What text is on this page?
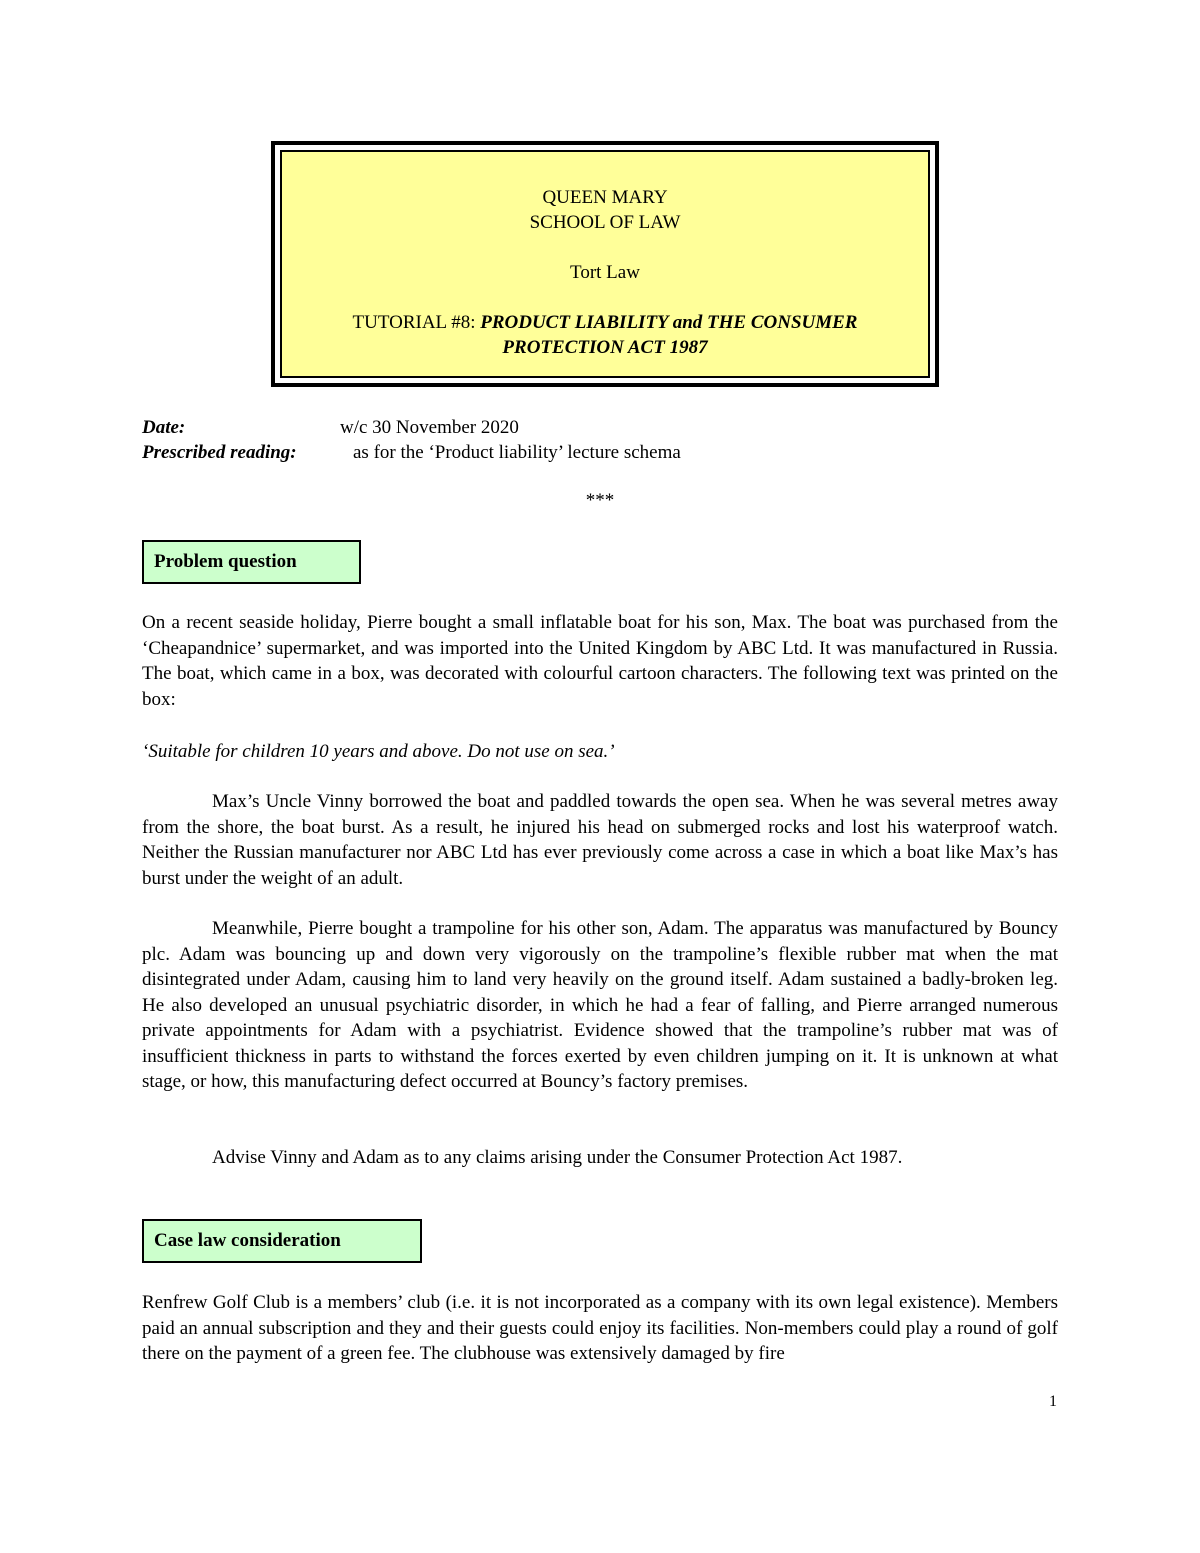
QUEEN MARY
SCHOOL OF LAW
Tort Law
TUTORIAL #8: PRODUCT LIABILITY and THE CONSUMER
PROTECTION ACT 1987
Date:	w/c 30 November 2020
Prescribed reading:	as for the ‘Product liability’ lecture schema
***
Problem question
On a recent seaside holiday, Pierre bought a small inflatable boat for his son, Max. The boat was purchased from the ‘Cheapandnice’ supermarket, and was imported into the United Kingdom by ABC Ltd. It was manufactured in Russia. The boat, which came in a box, was decorated with colourful cartoon characters. The following text was printed on the box:
‘Suitable for children 10 years and above. Do not use on sea.’
Max’s Uncle Vinny borrowed the boat and paddled towards the open sea. When he was several metres away from the shore, the boat burst. As a result, he injured his head on submerged rocks and lost his waterproof watch. Neither the Russian manufacturer nor ABC Ltd has ever previously come across a case in which a boat like Max’s has burst under the weight of an adult.
Meanwhile, Pierre bought a trampoline for his other son, Adam. The apparatus was manufactured by Bouncy plc. Adam was bouncing up and down very vigorously on the trampoline’s flexible rubber mat when the mat disintegrated under Adam, causing him to land very heavily on the ground itself. Adam sustained a badly-broken leg. He also developed an unusual psychiatric disorder, in which he had a fear of falling, and Pierre arranged numerous private appointments for Adam with a psychiatrist. Evidence showed that the trampoline’s rubber mat was of insufficient thickness in parts to withstand the forces exerted by even children jumping on it. It is unknown at what stage, or how, this manufacturing defect occurred at Bouncy’s factory premises.
Advise Vinny and Adam as to any claims arising under the Consumer Protection Act 1987.
Case law consideration
Renfrew Golf Club is a members’ club (i.e. it is not incorporated as a company with its own legal existence). Members paid an annual subscription and they and their guests could enjoy its facilities. Non-members could play a round of golf there on the payment of a green fee. The clubhouse was extensively damaged by fire
1
